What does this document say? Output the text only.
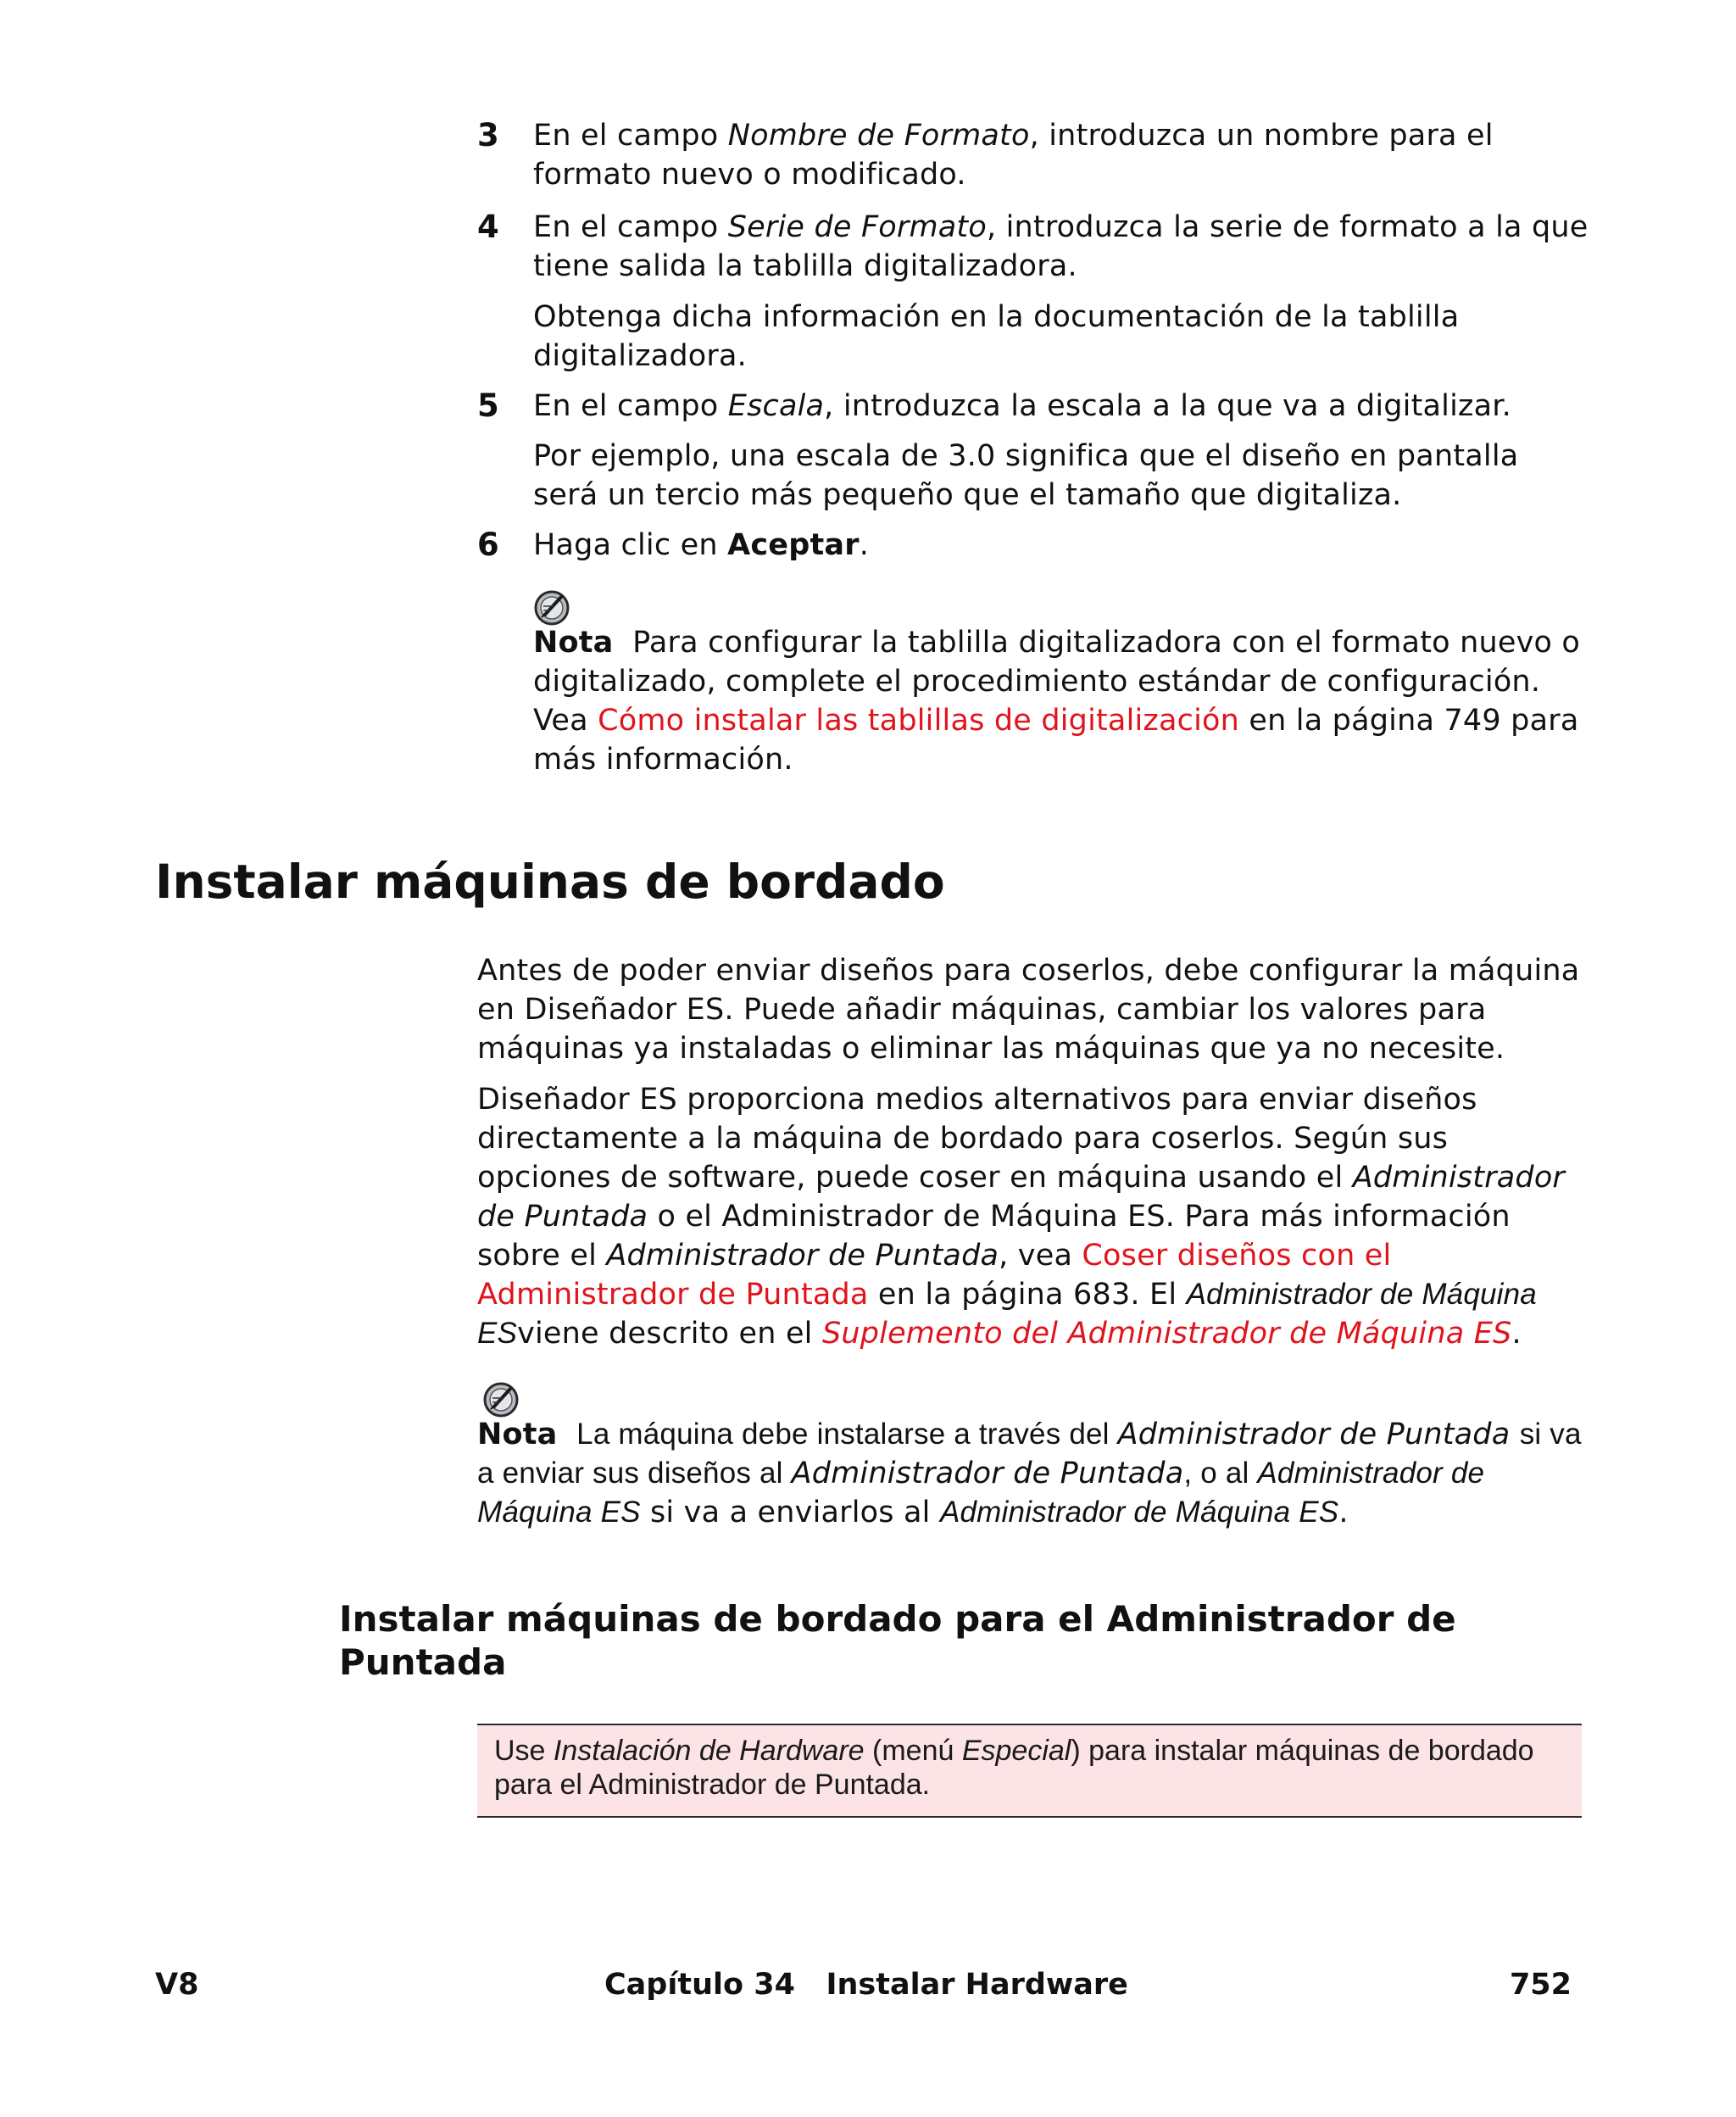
3 En el campo Nombre de Formato, introduzca un nombre para el formato nuevo o modificado.
4 En el campo Serie de Formato, introduzca la serie de formato a la que tiene salida la tablilla digitalizadora.
Obtenga dicha información en la documentación de la tablilla digitalizadora.
5 En el campo Escala, introduzca la escala a la que va a digitalizar.
Por ejemplo, una escala de 3.0 significa que el diseño en pantalla será un tercio más pequeño que el tamaño que digitaliza.
6 Haga clic en Aceptar.
Nota Para configurar la tablilla digitalizadora con el formato nuevo o digitalizado, complete el procedimiento estándar de configuración. Vea Cómo instalar las tablillas de digitalización en la página 749 para más información.
Instalar máquinas de bordado
Antes de poder enviar diseños para coserlos, debe configurar la máquina en Diseñador ES. Puede añadir máquinas, cambiar los valores para máquinas ya instaladas o eliminar las máquinas que ya no necesite.
Diseñador ES proporciona medios alternativos para enviar diseños directamente a la máquina de bordado para coserlos. Según sus opciones de software, puede coser en máquina usando el Administrador de Puntada o el Administrador de Máquina ES. Para más información sobre el Administrador de Puntada, vea Coser diseños con el Administrador de Puntada en la página 683. El Administrador de Máquina ESviene descrito en el Suplemento del Administrador de Máquina ES.
Nota La máquina debe instalarse a través del Administrador de Puntada si va a enviar sus diseños al Administrador de Puntada, o al Administrador de Máquina ES si va a enviarlos al Administrador de Máquina ES.
Instalar máquinas de bordado para el Administrador de Puntada
Use Instalación de Hardware (menú Especial) para instalar máquinas de bordado para el Administrador de Puntada.
V8	Capítulo 34   Instalar Hardware	752
